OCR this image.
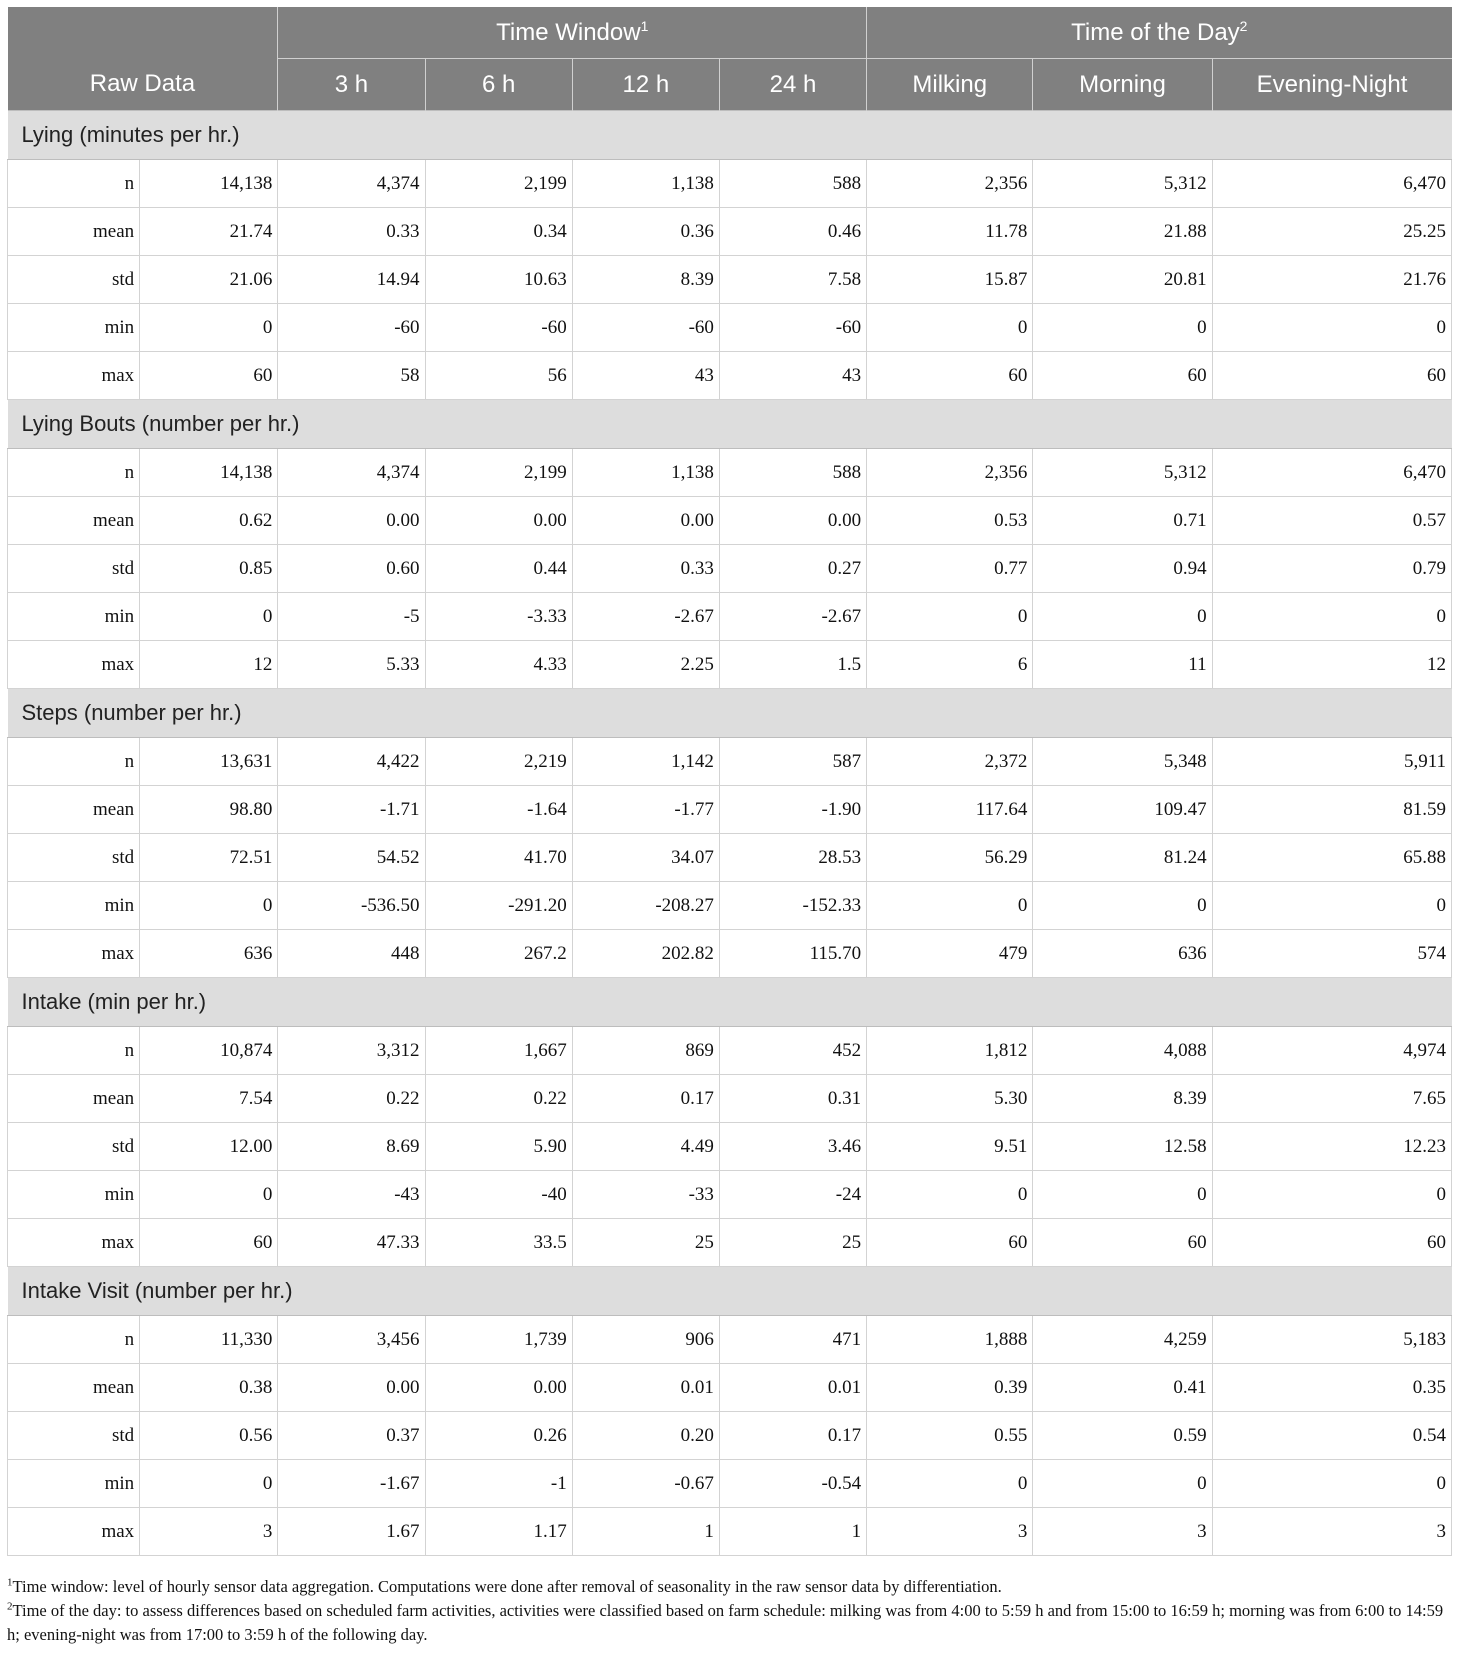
Raw Data		Time Window$^1$				Time of the Day$^2$
		3 h	6 h	12 h	24 h	Milking	Morning	Evening-Night
Lying (minutes per hr.)								
n	14,138	4,374	2,199	1,138	588	2,356	5,312	6,470
mean	21.74	0.33	0.34	0.36	0.46	11.78	21.88	25.25
std	21.06	14.94	10.63	8.39	7.58	15.87	20.81	21.76
min	0	-60	-60	-60	-60	0	0	0
max	60	58	56	43	43	60	60	60
Lying Bouts (number per hr.)								
n	14,138	4,374	2,199	1,138	588	2,356	5,312	6,470
mean	0.62	0.00	0.00	0.00	0.00	0.53	0.71	0.57
std	0.85	0.60	0.44	0.33	0.27	0.77	0.94	0.79
min	0	-5	-3.33	-2.67	-2.67	0	0	0
max	12	5.33	4.33	2.25	1.5	6	11	12
Steps (number per hr.)								
n	13,631	4,422	2,219	1,142	587	2,372	5,348	5,911
mean	98.80	-1.71	-1.64	-1.77	-1.90	117.64	109.47	81.59
std	72.51	54.52	41.70	34.07	28.53	56.29	81.24	65.88
min	0	-536.50	-291.20	-208.27	-152.33	0	0	0
max	636	448	267.2	202.82	115.70	479	636	574
Intake (min per hr.)								
n	10,874	3,312	1,667	869	452	1,812	4,088	4,974
mean	7.54	0.22	0.22	0.17	0.31	5.30	8.39	7.65
std	12.00	8.69	5.90	4.49	3.46	9.51	12.58	12.23
min	0	-43	-40	-33	-24	0	0	0
max	60	47.33	33.5	25	25	60	60	60
Intake Visit (number per hr.)								
n	11,330	3,456	1,739	906	471	1,888	4,259	5,183
mean	0.38	0.00	0.00	0.01	0.01	0.39	0.41	0.35
std	0.56	0.37	0.26	0.20	0.17	0.55	0.59	0.54
min	0	-1.67	-1	-0.67	-0.54	0	0	0
max	3	1.67	1.17	1	1	3	3	3

$^1$Time window: level of hourly sensor data aggregation. Computations were done after removal of seasonality in the raw sensor data by differentiation.

$^2$Time of the day: to assess differences based on scheduled farm activities, activities were classified based on farm schedule: milking was from 4:00 to 5:59 h and from 15:00 to 16:59 h; morning was from 6:00 to 14:59 h; evening-night was from 17:00 to 3:59 h of the following day.
